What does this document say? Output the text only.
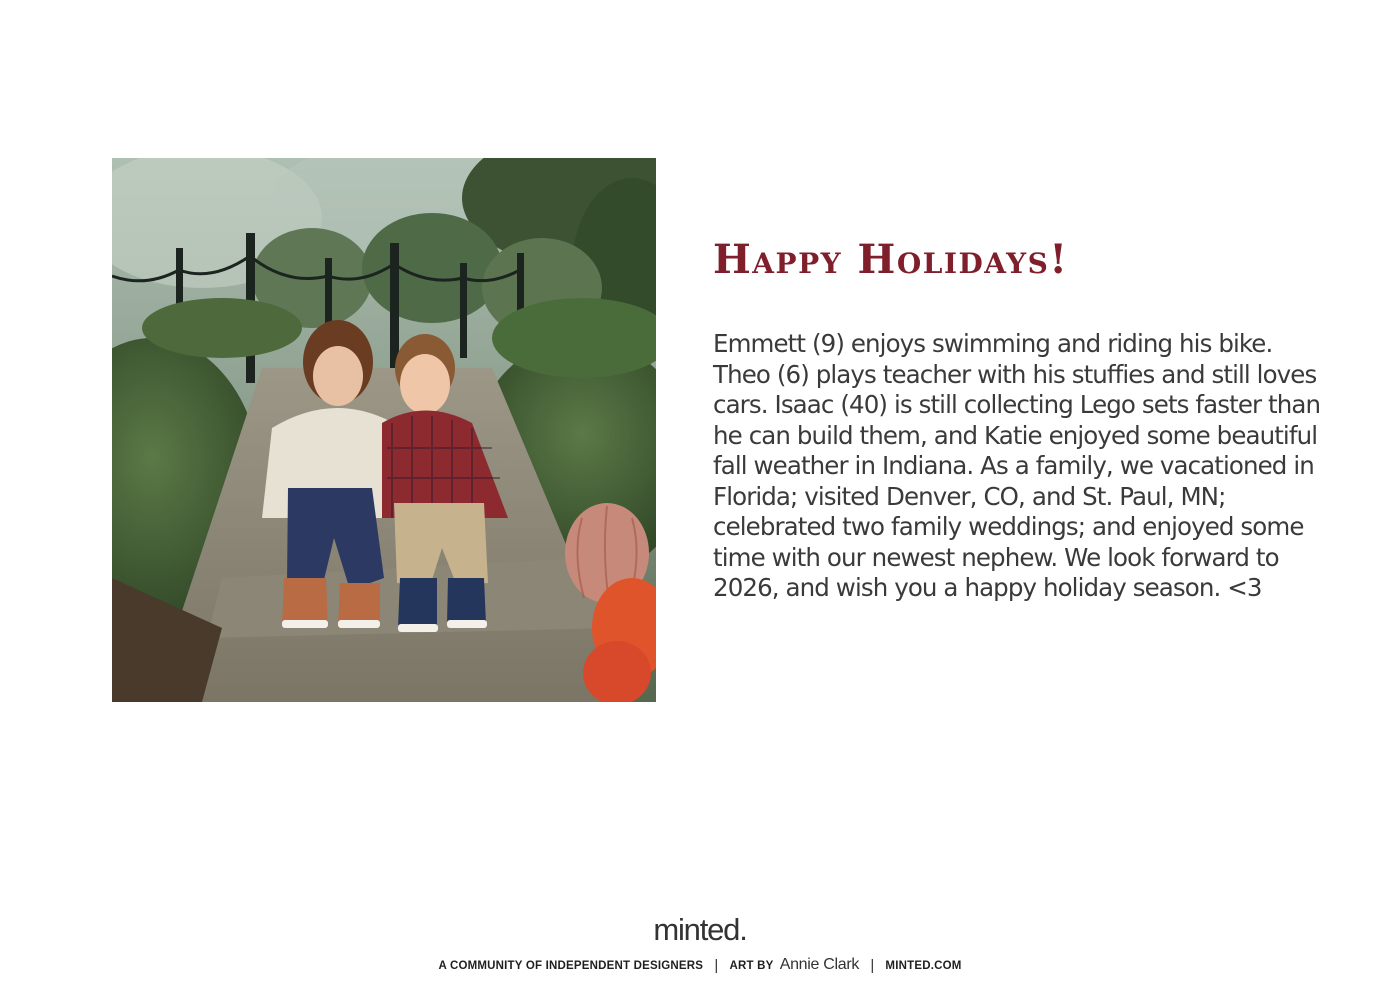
Happy Holidays!

Emmett (9) enjoys swimming and riding his bike. Theo (6) plays teacher with his stuffies and still loves cars. Isaac (40) is still collecting Lego sets faster than he can build them, and Katie enjoyed some beautiful fall weather in Indiana. As a family, we vacationed in Florida; visited Denver, CO, and St. Paul, MN; celebrated two family weddings; and enjoyed some time with our newest nephew. We look forward to 2026, and wish you a happy holiday season. <3

minted.
A COMMUNITY OF INDEPENDENT DESIGNERS | ART BY Annie Clark | MINTED.COM
